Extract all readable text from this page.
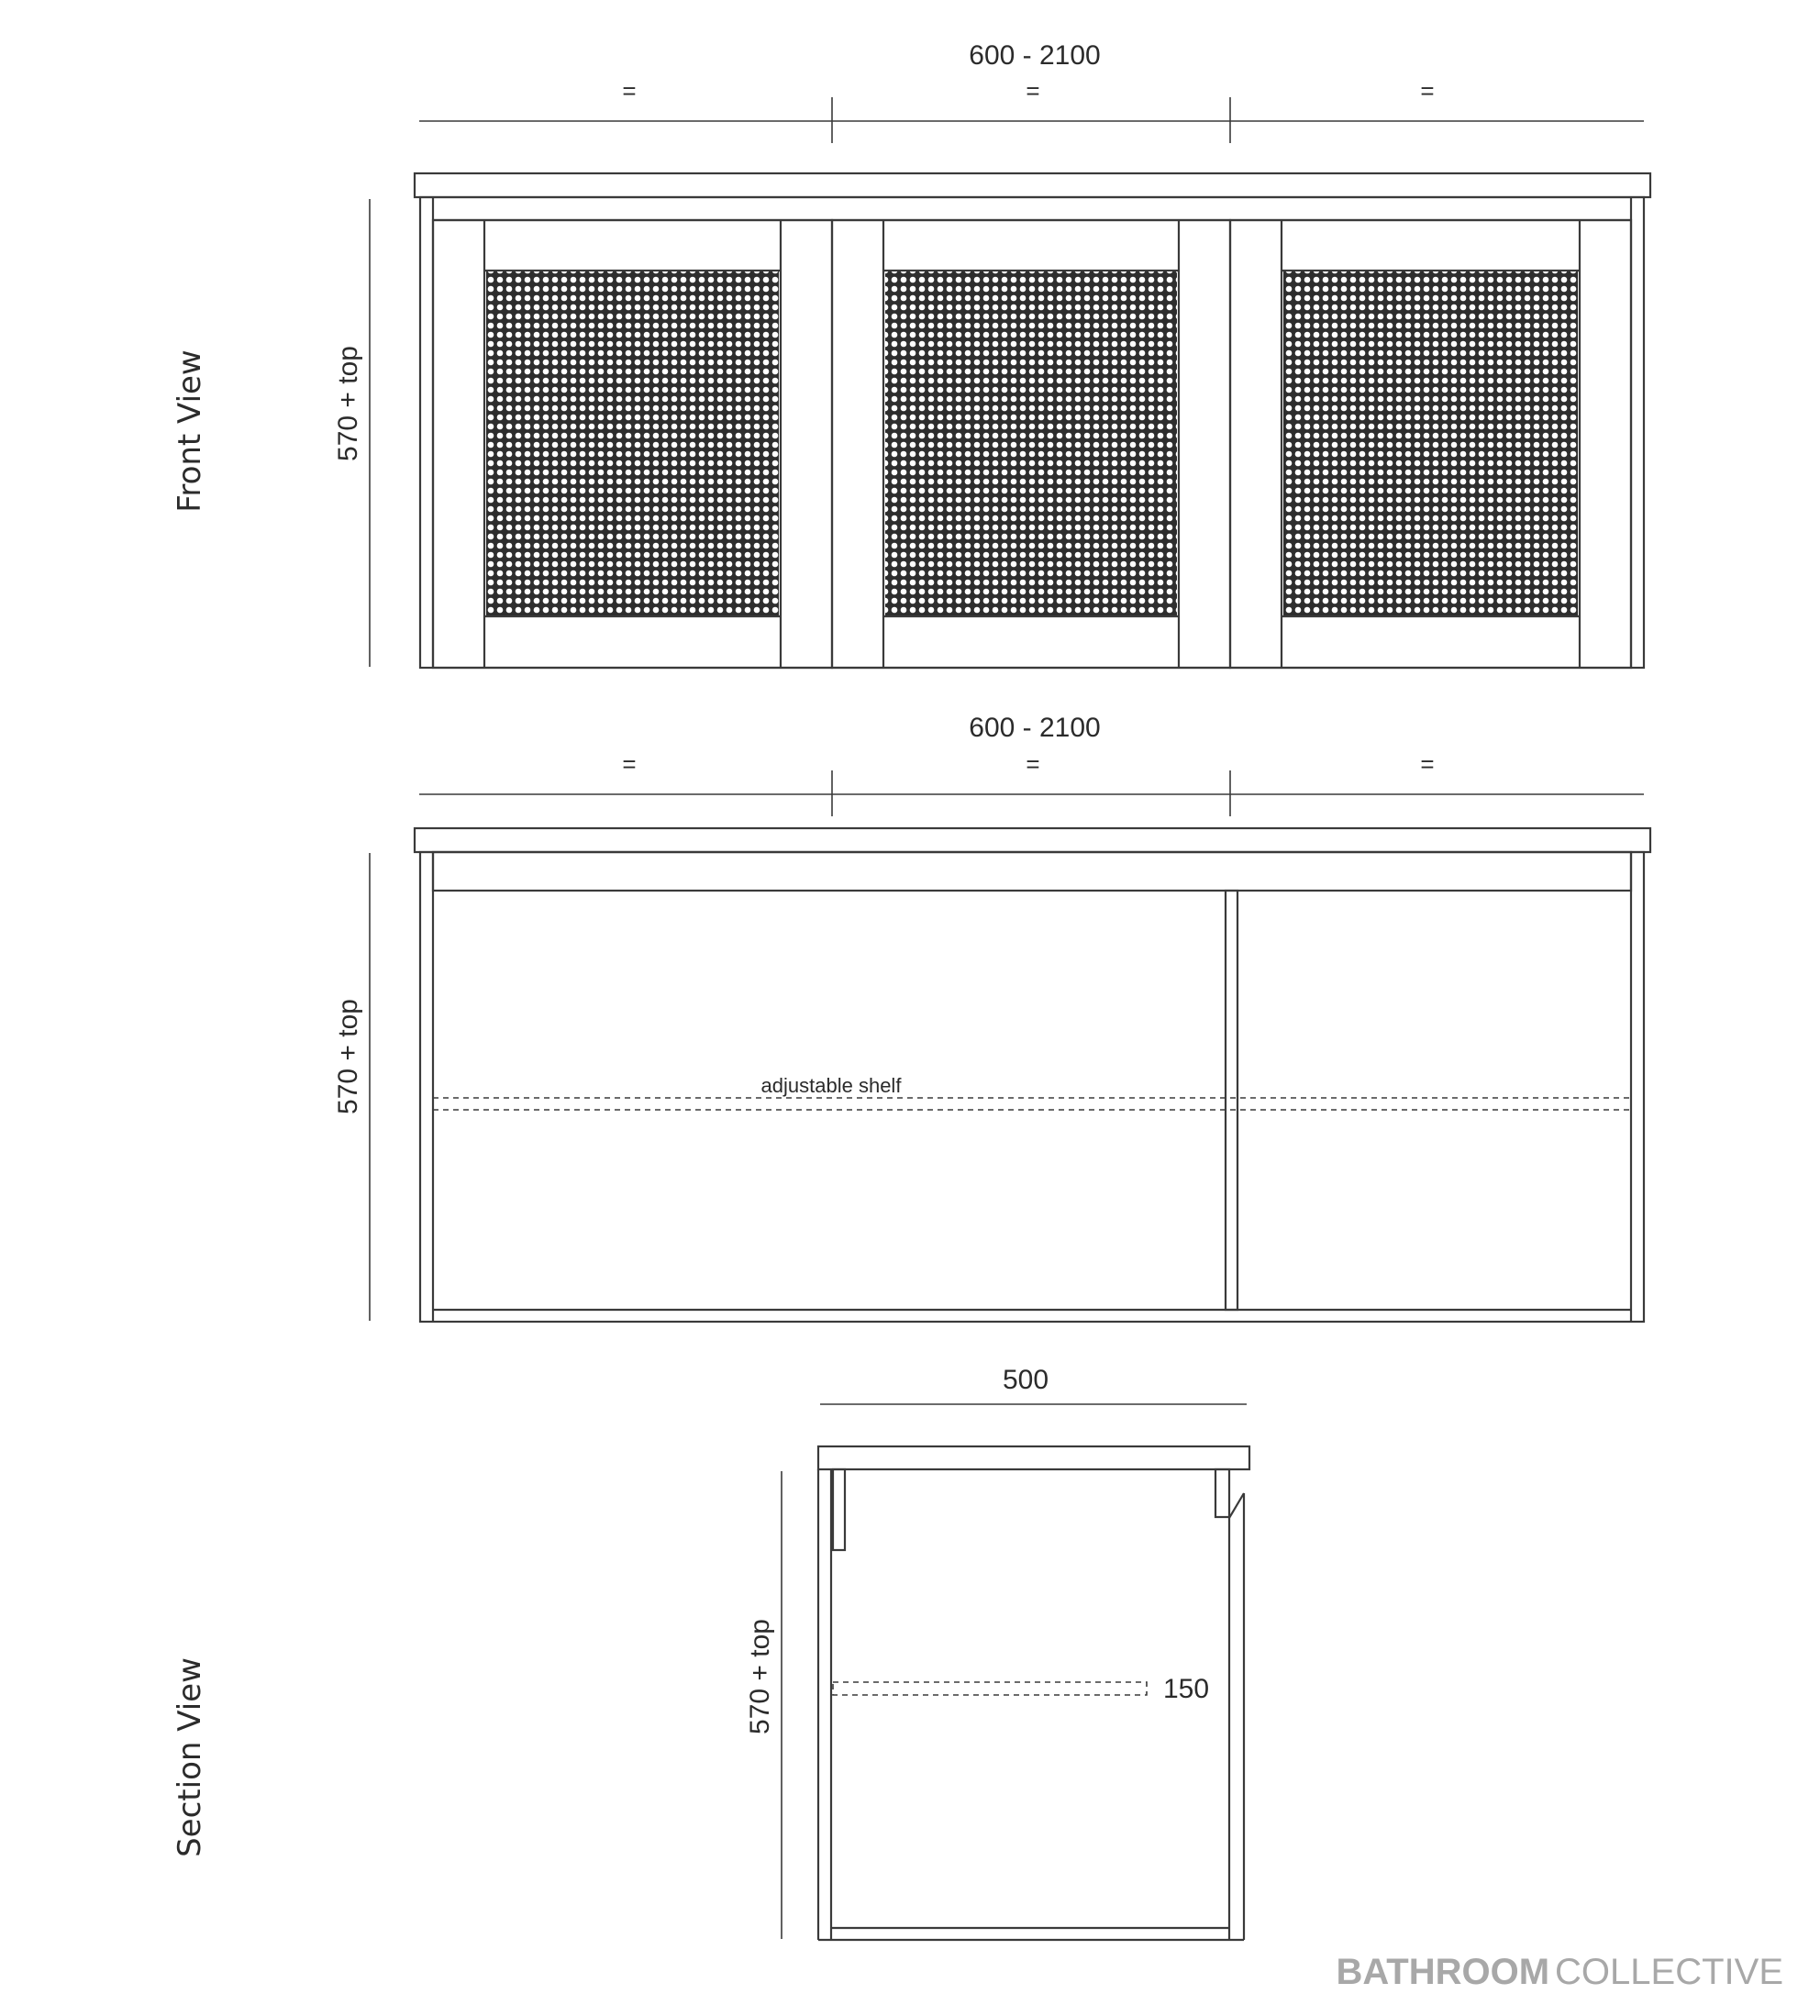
Front View
600 - 2100
=	=	=
570 + top
600 - 2100
=	=	=
570 + top	adjustable shelf
Section View
500
570 + top	150
BATHROOM COLLECTIVE
